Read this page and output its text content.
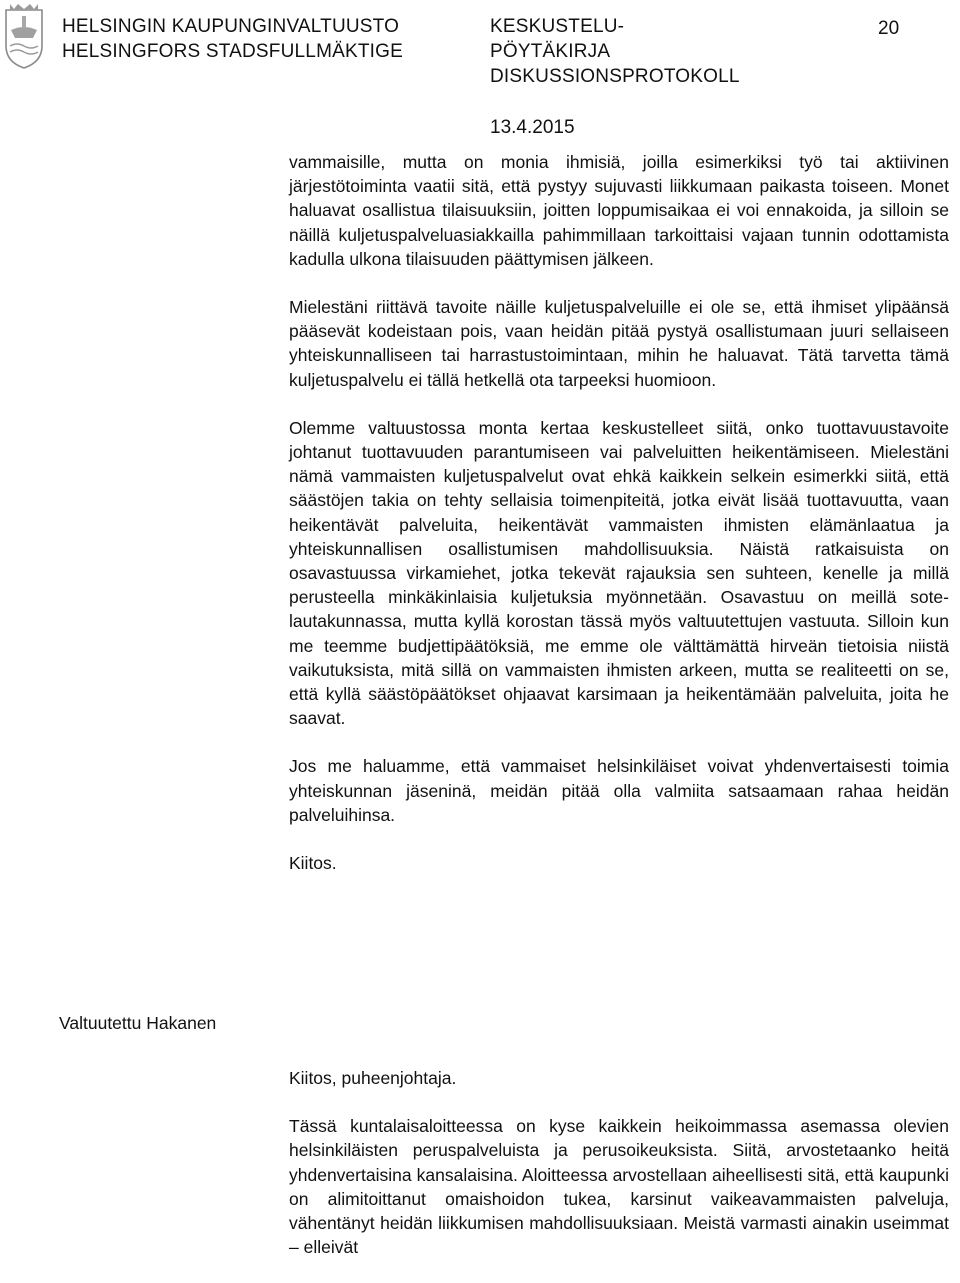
HELSINGIN KAUPUNGINVALTUUSTO
HELSINGFORS STADSFULLMÄKTIGE
KESKUSTELU-
PÖYTÄKIRJA
DISKUSSIONSPROTOKOLL
20
13.4.2015

vammaisille, mutta on monia ihmisiä, joilla esimerkiksi työ tai aktiivinen järjestötoiminta vaatii sitä, että pystyy sujuvasti liikkumaan paikasta toiseen. Monet haluavat osallistua tilaisuuksiin, joitten loppumisaikaa ei voi ennakoida, ja silloin se näillä kuljetuspalveluasiakkailla pahimmillaan tarkoittaisi vajaan tunnin odottamista kadulla ulkona tilaisuuden päättymisen jälkeen.

Mielestäni riittävä tavoite näille kuljetuspalveluille ei ole se, että ihmiset ylipäänsä pääsevät kodeistaan pois, vaan heidän pitää pystyä osallistumaan juuri sellaiseen yhteiskunnalliseen tai harrastustoimintaan, mihin he haluavat. Tätä tarvetta tämä kuljetuspalvelu ei tällä hetkellä ota tarpeeksi huomioon.

Olemme valtuustossa monta kertaa keskustelleet siitä, onko tuottavuustavoite johtanut tuottavuuden parantumiseen vai palveluitten heikentämiseen. Mielestäni nämä vammaisten kuljetuspalvelut ovat ehkä kaikkein selkein esimerkki siitä, että säästöjen takia on tehty sellaisia toimenpiteitä, jotka eivät lisää tuottavuutta, vaan heikentävät palveluita, heikentävät vammaisten ihmisten elämänlaatua ja yhteiskunnallisen osallistumisen mahdollisuuksia. Näistä ratkaisuista on osavastuussa virkamiehet, jotka tekevät rajauksia sen suhteen, kenelle ja millä perusteella minkäkinlaisia kuljetuksia myönnetään. Osavastuu on meillä sote-lautakunnassa, mutta kyllä korostan tässä myös valtuutettujen vastuuta. Silloin kun me teemme budjettipäätöksiä, me emme ole välttämättä hirveän tietoisia niistä vaikutuksista, mitä sillä on vammaisten ihmisten arkeen, mutta se realiteetti on se, että kyllä säästöpäätökset ohjaavat karsimaan ja heikentämään palveluita, joita he saavat.

Jos me haluamme, että vammaiset helsinkiläiset voivat yhdenvertaisesti toimia yhteiskunnan jäseninä, meidän pitää olla valmiita satsaamaan rahaa heidän palveluihinsa.

Kiitos.

Valtuutettu Hakanen

Kiitos, puheenjohtaja.

Tässä kuntalaisaloitteessa on kyse kaikkein heikoimmassa asemassa olevien helsinkiläisten peruspalveluista ja perusoikeuksista. Siitä, arvostetaanko heitä yhdenvertaisina kansalaisina. Aloitteessa arvostellaan aiheellisesti sitä, että kaupunki on alimitoittanut omaishoidon tukea, karsinut vaikeavammaisten palveluja, vähentänyt heidän liikkumisen mahdollisuuksiaan. Meistä varmasti ainakin useimmat – elleivät
